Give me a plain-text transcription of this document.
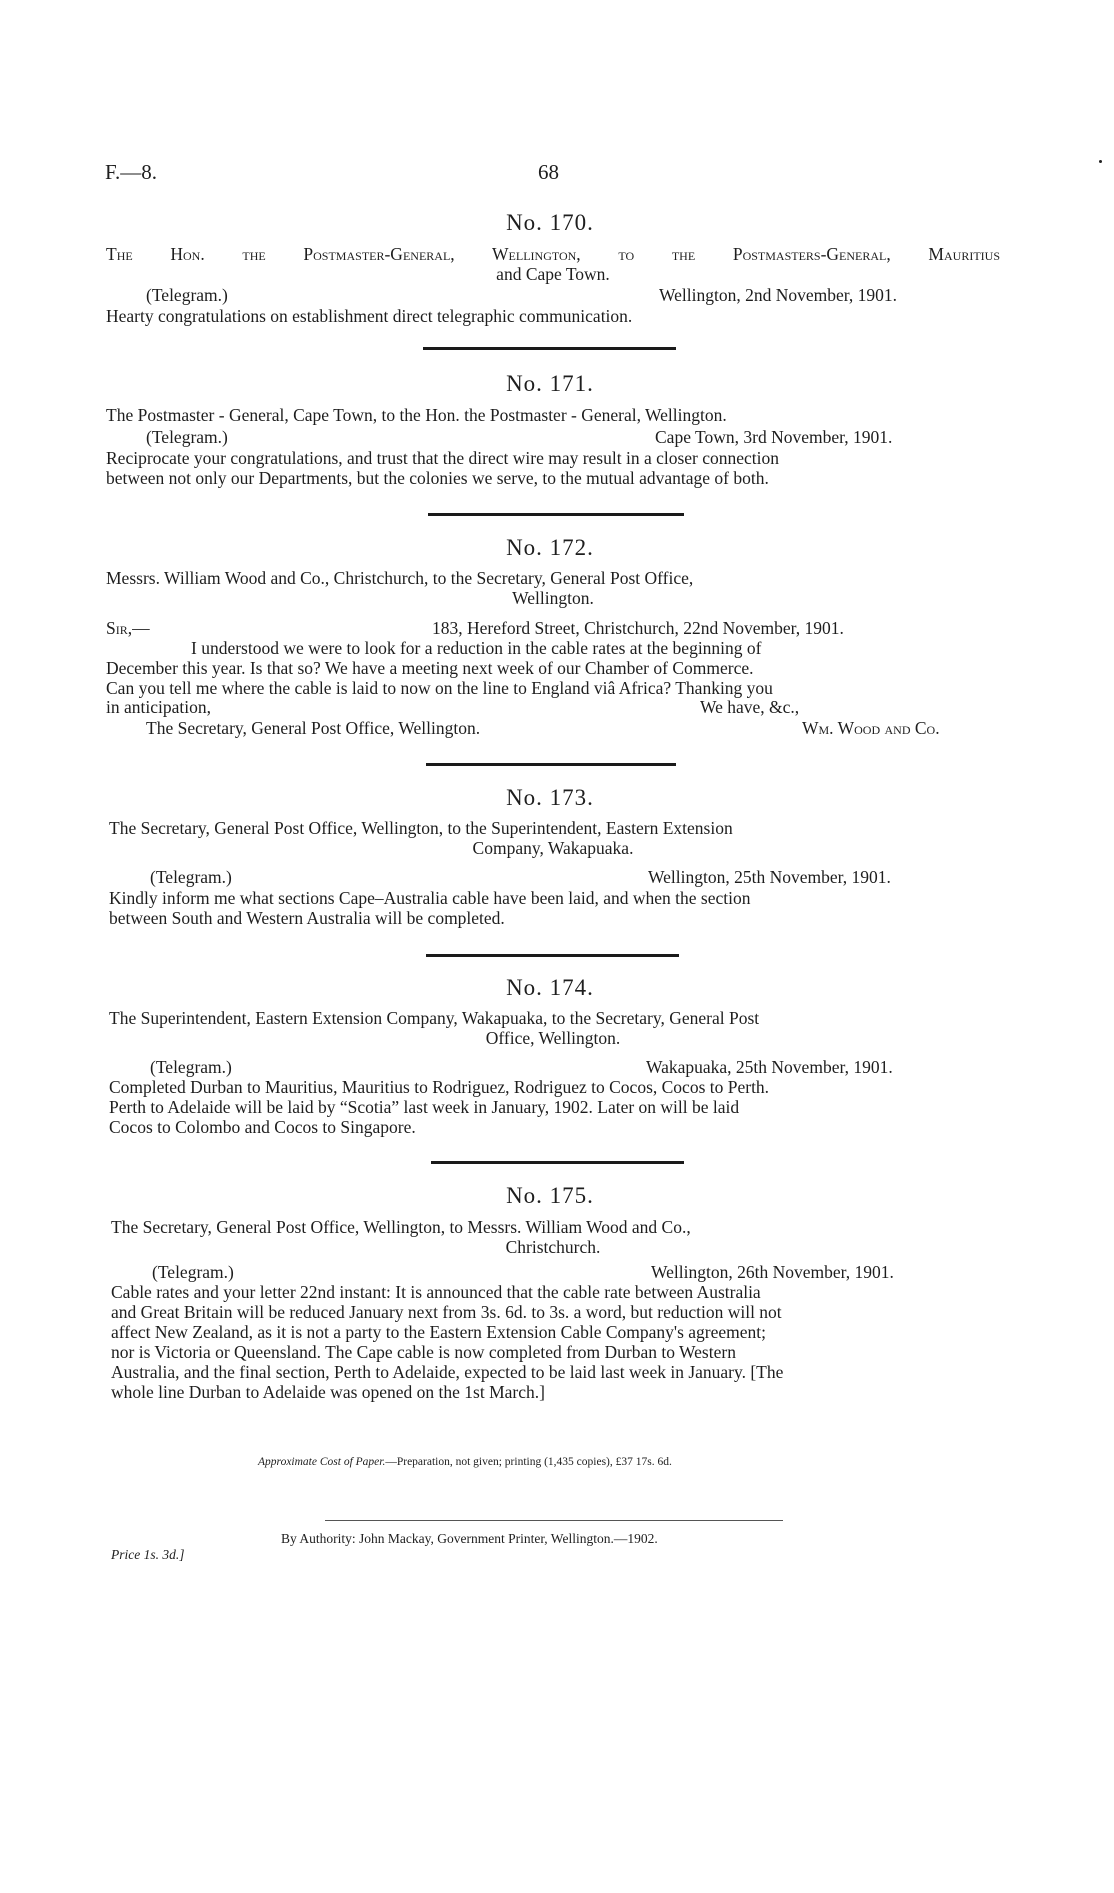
F.—8.	68
No. 170.
The Hon. the Postmaster-General, Wellington, to the Postmasters-General, Mauritius
and Cape Town.
(Telegram.)	Wellington, 2nd November, 1901.
Hearty congratulations on establishment direct telegraphic communication.
No. 171.
The Postmaster - General, Cape Town, to the Hon. the Postmaster - General, Wellington.
(Telegram.)	Cape Town, 3rd November, 1901.
Reciprocate your congratulations, and trust that the direct wire may result in a closer connection
between not only our Departments, but the colonies we serve, to the mutual advantage of both.
No. 172.
Messrs. William Wood and Co., Christchurch, to the Secretary, General Post Office,
Wellington.
Sir,—	183, Hereford Street, Christchurch, 22nd November, 1901.
I understood we were to look for a reduction in the cable rates at the beginning of
December this year. Is that so? We have a meeting next week of our Chamber of Commerce.
Can you tell me where the cable is laid to now on the line to England viâ Africa? Thanking you
in anticipation,	We have, &c.,
The Secretary, General Post Office, Wellington.	Wm. Wood and Co.
No. 173.
The Secretary, General Post Office, Wellington, to the Superintendent, Eastern Extension
Company, Wakapuaka.
(Telegram.)	Wellington, 25th November, 1901.
Kindly inform me what sections Cape–Australia cable have been laid, and when the section
between South and Western Australia will be completed.
No. 174.
The Superintendent, Eastern Extension Company, Wakapuaka, to the Secretary, General Post
Office, Wellington.
(Telegram.)	Wakapuaka, 25th November, 1901.
Completed Durban to Mauritius, Mauritius to Rodriguez, Rodriguez to Cocos, Cocos to Perth.
Perth to Adelaide will be laid by “Scotia” last week in January, 1902. Later on will be laid
Cocos to Colombo and Cocos to Singapore.
No. 175.
The Secretary, General Post Office, Wellington, to Messrs. William Wood and Co.,
Christchurch.
(Telegram.)	Wellington, 26th November, 1901.
Cable rates and your letter 22nd instant: It is announced that the cable rate between Australia
and Great Britain will be reduced January next from 3s. 6d. to 3s. a word, but reduction will not
affect New Zealand, as it is not a party to the Eastern Extension Cable Company's agreement;
nor is Victoria or Queensland. The Cape cable is now completed from Durban to Western
Australia, and the final section, Perth to Adelaide, expected to be laid last week in January. [The
whole line Durban to Adelaide was opened on the 1st March.]
Approximate Cost of Paper.—Preparation, not given; printing (1,435 copies), £37 17s. 6d.
By Authority: John Mackay, Government Printer, Wellington.—1902.
Price 1s. 3d.]
